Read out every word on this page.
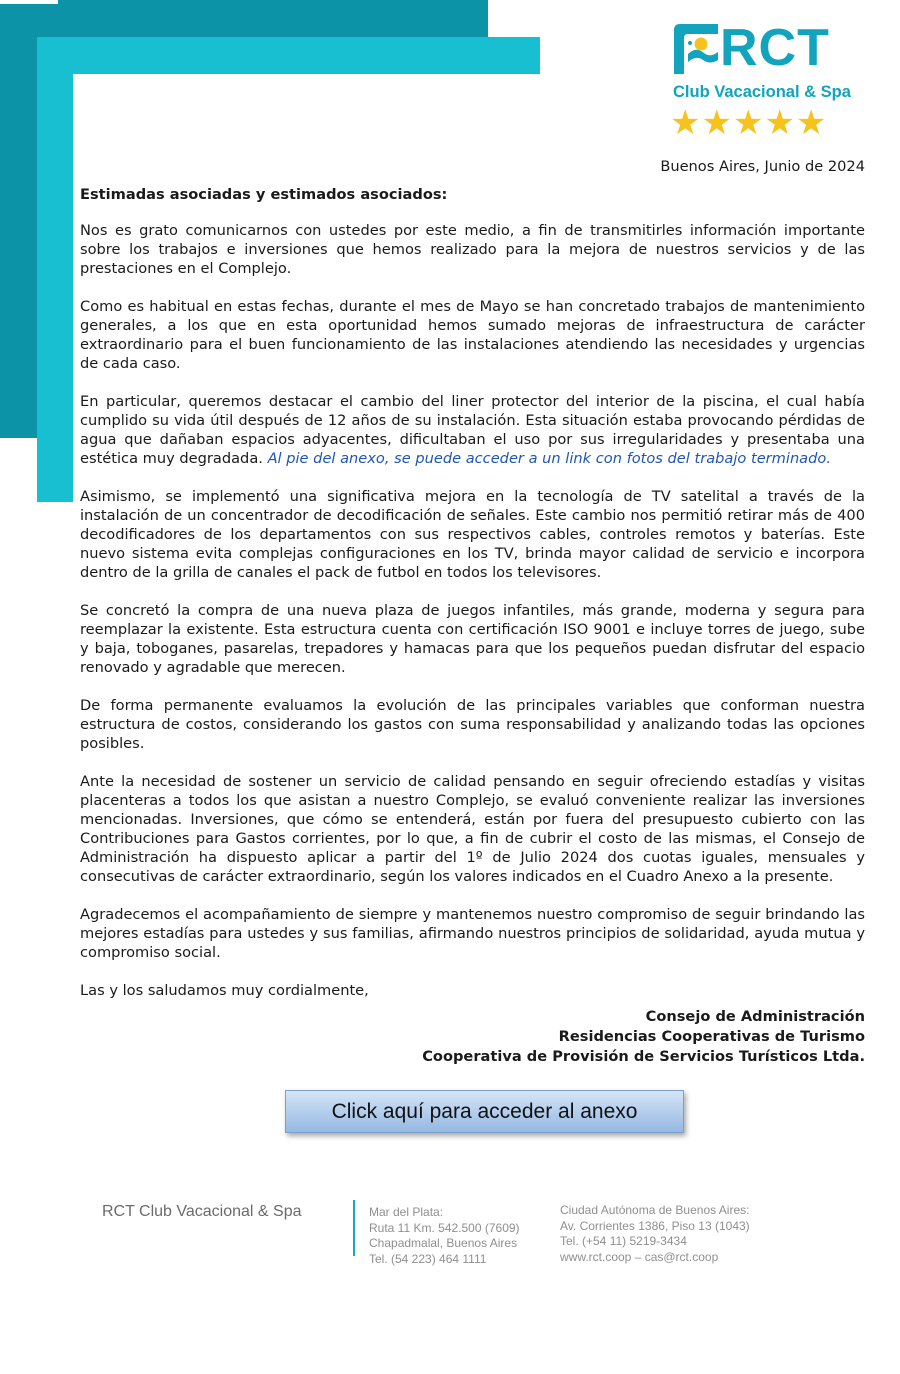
RCT
Club Vacacional & Spa
★★★★★

Buenos Aires, Junio de 2024

Estimadas asociadas y estimados asociados:

Nos es grato comunicarnos con ustedes por este medio, a fin de transmitirles información importante sobre los trabajos e inversiones que hemos realizado para la mejora de nuestros servicios y de las prestaciones en el Complejo.

Como es habitual en estas fechas, durante el mes de Mayo se han concretado trabajos de mantenimiento generales, a los que en esta oportunidad hemos sumado mejoras de infraestructura de carácter extraordinario para el buen funcionamiento de las instalaciones atendiendo las necesidades y urgencias de cada caso.

En particular, queremos destacar el cambio del liner protector del interior de la piscina, el cual había cumplido su vida útil después de 12 años de su instalación. Esta situación estaba provocando pérdidas de agua que dañaban espacios adyacentes, dificultaban el uso por sus irregularidades y presentaba una estética muy degradada. Al pie del anexo, se puede acceder a un link con fotos del trabajo terminado.

Asimismo, se implementó una significativa mejora en la tecnología de TV satelital a través de la instalación de un concentrador de decodificación de señales. Este cambio nos permitió retirar más de 400 decodificadores de los departamentos con sus respectivos cables, controles remotos y baterías. Este nuevo sistema evita complejas configuraciones en los TV, brinda mayor calidad de servicio e incorpora dentro de la grilla de canales el pack de futbol en todos los televisores.

Se concretó la compra de una nueva plaza de juegos infantiles, más grande, moderna y segura para reemplazar la existente. Esta estructura cuenta con certificación ISO 9001 e incluye torres de juego, sube y baja, toboganes, pasarelas, trepadores y hamacas para que los pequeños puedan disfrutar del espacio renovado y agradable que merecen.

De forma permanente evaluamos la evolución de las principales variables que conforman nuestra estructura de costos, considerando los gastos con suma responsabilidad y analizando todas las opciones posibles.

Ante la necesidad de sostener un servicio de calidad pensando en seguir ofreciendo estadías y visitas placenteras a todos los que asistan a nuestro Complejo, se evaluó conveniente realizar las inversiones mencionadas. Inversiones, que cómo se entenderá, están por fuera del presupuesto cubierto con las Contribuciones para Gastos corrientes, por lo que, a fin de cubrir el costo de las mismas, el Consejo de Administración ha dispuesto aplicar a partir del 1º de Julio 2024 dos cuotas iguales, mensuales y consecutivas de carácter extraordinario, según los valores indicados en el Cuadro Anexo a la presente.

Agradecemos el acompañamiento de siempre y mantenemos nuestro compromiso de seguir brindando las mejores estadías para ustedes y sus familias, afirmando nuestros principios de solidaridad, ayuda mutua y compromiso social.

Las y los saludamos muy cordialmente,

Consejo de Administración

Residencias Cooperativas de Turismo

Cooperativa de Provisión de Servicios Turísticos Ltda.

Click aquí para acceder al anexo
RCT Club Vacacional & Spa	Mar del Plata:
Ruta 11 Km. 542.500 (7609)
Chapadmalal, Buenos Aires
Tel. (54 223) 464 1111
Ciudad Autónoma de Buenos Aires:
Av. Corrientes 1386, Piso 13 (1043)
Tel. (+54 11) 5219-3434
www.rct.coop – cas@rct.coop
